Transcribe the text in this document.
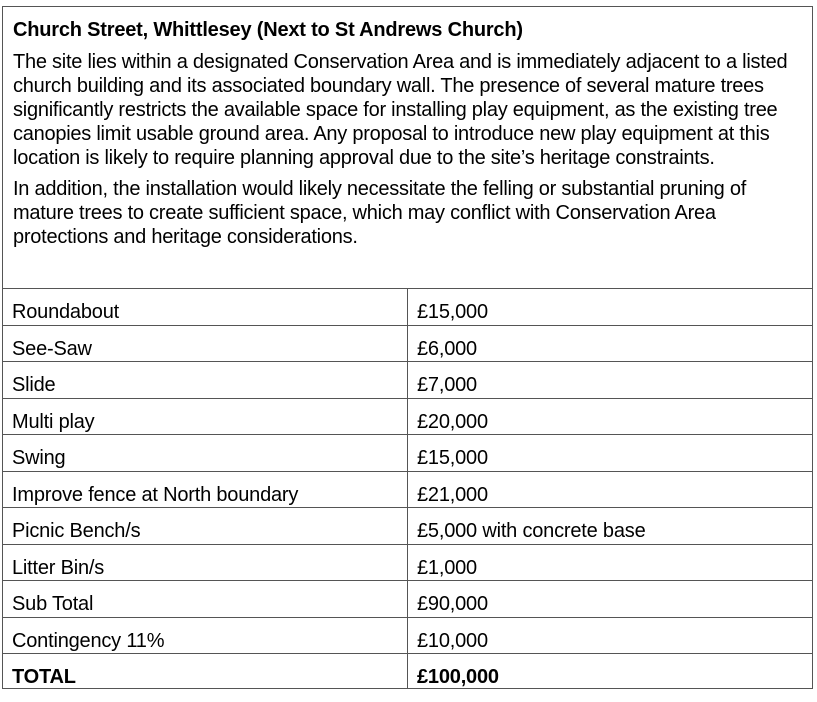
Church Street, Whittlesey (Next to St Andrews Church)

The site lies within a designated Conservation Area and is immediately adjacent to a listed church building and its associated boundary wall. The presence of several mature trees significantly restricts the available space for installing play equipment, as the existing tree canopies limit usable ground area. Any proposal to introduce new play equipment at this location is likely to require planning approval due to the site’s heritage constraints.

In addition, the installation would likely necessitate the felling or substantial pruning of mature trees to create sufficient space, which may conflict with Conservation Area protections and heritage considerations.

Roundabout	£15,000
See-Saw	£6,000
Slide	£7,000
Multi play	£20,000
Swing	£15,000
Improve fence at North boundary	£21,000
Picnic Bench/s	£5,000 with concrete base
Litter Bin/s	£1,000
Sub Total	£90,000
Contingency 11%	£10,000
TOTAL	£100,000
